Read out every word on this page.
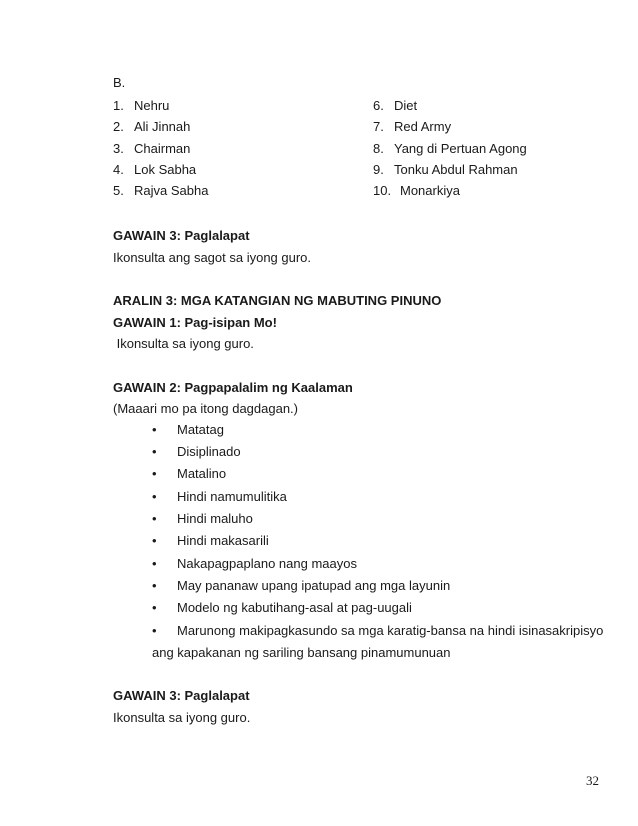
B.
1. Nehru
2. Ali Jinnah
3. Chairman
4. Lok Sabha
5. Rajva Sabha
6. Diet
7. Red Army
8. Yang di Pertuan Agong
9. Tonku Abdul Rahman
10. Monarkiya
GAWAIN 3: Paglalapat
Ikonsulta ang sagot sa iyong guro.
ARALIN 3: MGA KATANGIAN NG MABUTING PINUNO
GAWAIN 1: Pag-isipan Mo!
Ikonsulta sa iyong guro.
GAWAIN 2: Pagpapalalim ng Kaalaman
(Maaari mo pa itong dagdagan.)
• Matatag
• Disiplinado
• Matalino
• Hindi namumulitika
• Hindi maluho
• Hindi makasarili
• Nakapagpaplano nang maayos
• May pananaw upang ipatupad ang mga layunin
• Modelo ng kabutihang-asal at pag-uugali
• Marunong makipagkasundo sa mga karatig-bansa na hindi isinasakripisyo
ang kapakanan ng sariling bansang pinamumunuan
GAWAIN 3: Paglalapat
Ikonsulta sa iyong guro.
32
